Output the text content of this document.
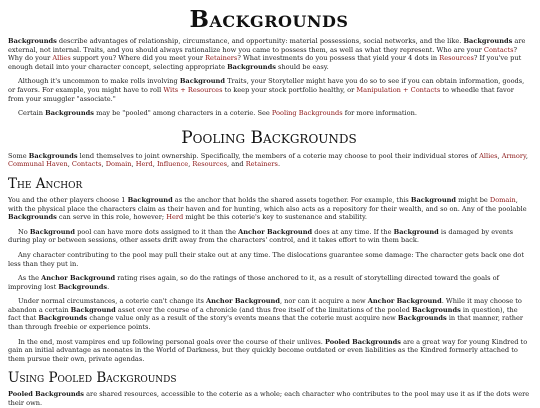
Backgrounds

Backgrounds describe advantages of relationship, circumstance, and opportunity: material possessions, social networks, and the like. Backgrounds are external, not internal. Traits, and you should always rationalize how you came to possess them, as well as what they represent. Who are your Contacts? Why do your Allies support you? Where did you meet your Retainers? What investments do you possess that yield your 4 dots in Resources? If you've put enough detail into your character concept, selecting appropriate Backgrounds should be easy.

Although it's uncommon to make rolls involving Background Traits, your Storyteller might have you do so to see if you can obtain information, goods, or favors. For example, you might have to roll Wits + Resources to keep your stock portfolio healthy, or Manipulation + Contacts to wheedle that favor from your smuggler "associate."

Certain Backgrounds may be "pooled" among characters in a coterie. See Pooling Backgrounds for more information.

Pooling Backgrounds

Some Backgrounds lend themselves to joint ownership. Specifically, the members of a coterie may choose to pool their individual stores of Allies, Armory, Communal Haven, Contacts, Domain, Herd, Influence, Resources, and Retainers.

The Anchor

You and the other players choose 1 Background as the anchor that holds the shared assets together. For example, this Background might be Domain, with the physical place the characters claim as their haven and for hunting, which also acts as a repository for their wealth, and so on. Any of the poolable Backgrounds can serve in this role, however; Herd might be this coterie's key to sustenance and stability.

No Background pool can have more dots assigned to it than the Anchor Background does at any time. If the Background is damaged by events during play or between sessions, other assets drift away from the characters' control, and it takes effort to win them back.

Any character contributing to the pool may pull their stake out at any time. The dislocations guarantee some damage: The character gets back one dot less than they put in.

As the Anchor Background rating rises again, so do the ratings of those anchored to it, as a result of storytelling directed toward the goals of improving lost Backgrounds.

Under normal circumstances, a coterie can't change its Anchor Background, nor can it acquire a new Anchor Background. While it may choose to abandon a certain Background asset over the course of a chronicle (and thus free itself of the limitations of the pooled Backgrounds in question), the fact that Backgrounds change value only as a result of the story's events means that the coterie must acquire new Backgrounds in that manner, rather than through freebie or experience points.

In the end, most vampires end up following personal goals over the course of their unlives. Pooled Backgrounds are a great way for young Kindred to gain an initial advantage as neonates in the World of Darkness, but they quickly become outdated or even liabilities as the Kindred formerly attached to them pursue their own, private agendas.

Using Pooled Backgrounds

Pooled Backgrounds are shared resources, accessible to the coterie as a whole; each character who contributes to the pool may use it as if the dots were their own.
